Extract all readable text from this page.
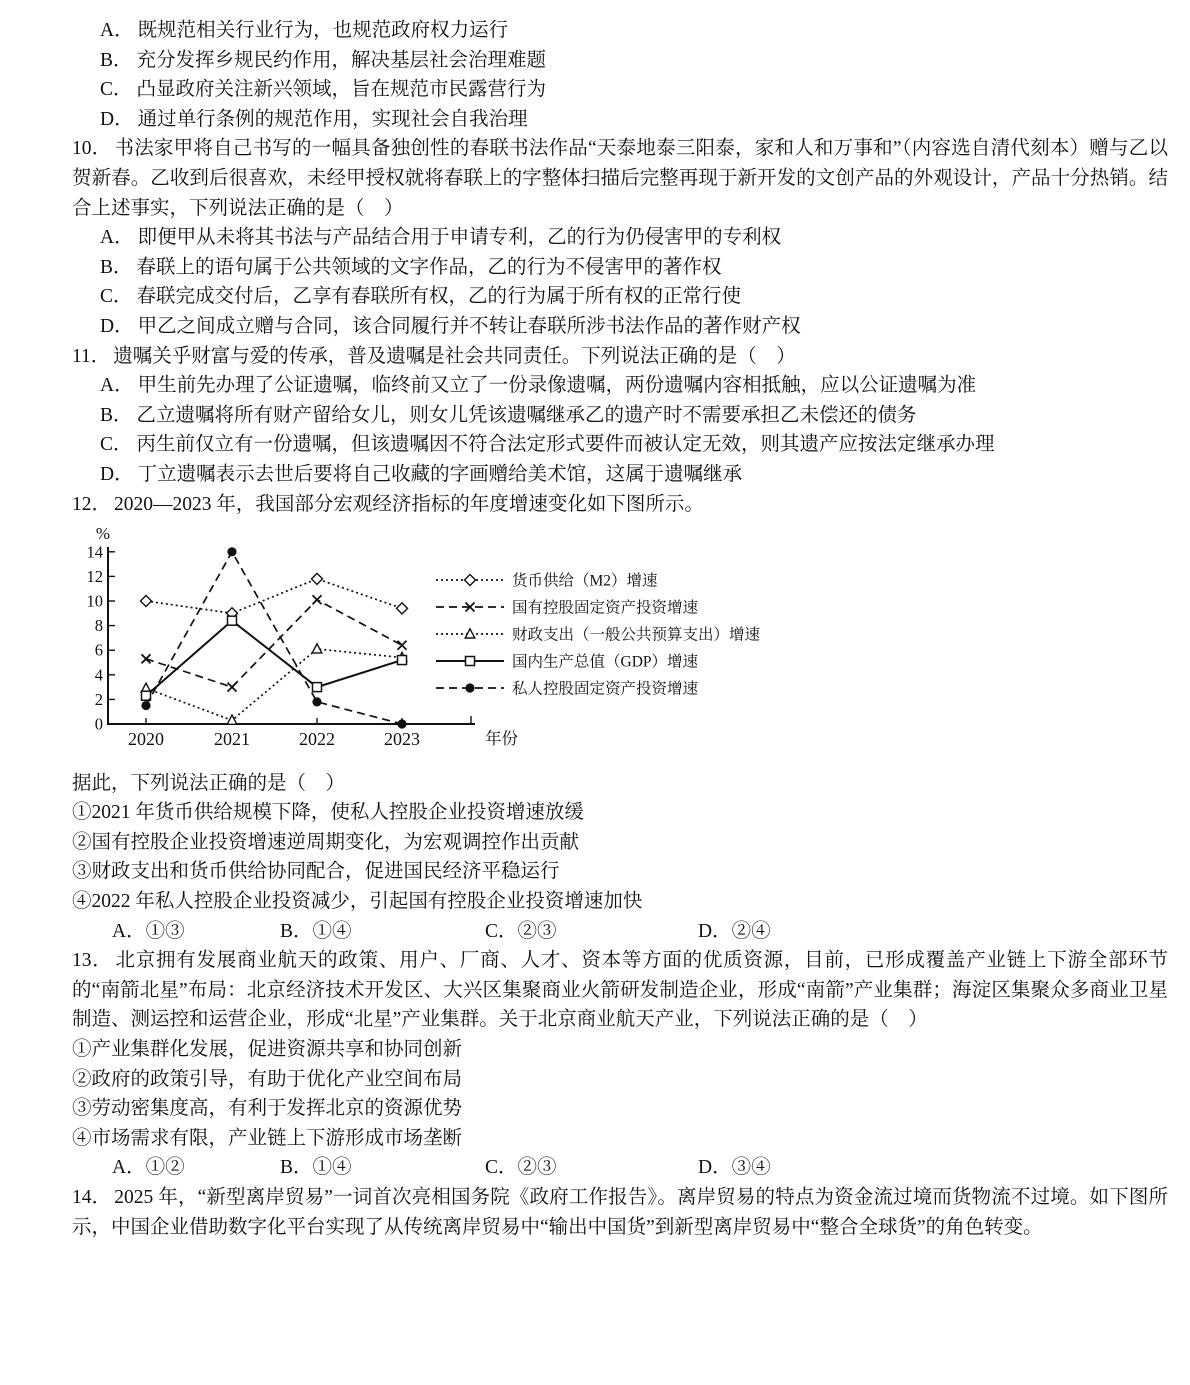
A． 既规范相关行业行为，也规范政府权力运行

B． 充分发挥乡规民约作用，解决基层社会治理难题

C． 凸显政府关注新兴领域，旨在规范市民露营行为

D． 通过单行条例的规范作用，实现社会自我治理

10． 书法家甲将自己书写的一幅具备独创性的春联书法作品“天泰地泰三阳泰，家和人和万事和”（内容选自清代刻本）赠与乙以贺新春。乙收到后很喜欢，未经甲授权就将春联上的字整体扫描后完整再现于新开发的文创产品的外观设计，产品十分热销。结合上述事实，下列说法正确的是（　）

A． 即便甲从未将其书法与产品结合用于申请专利，乙的行为仍侵害甲的专利权

B． 春联上的语句属于公共领域的文字作品，乙的行为不侵害甲的著作权

C． 春联完成交付后，乙享有春联所有权，乙的行为属于所有权的正常行使

D． 甲乙之间成立赠与合同，该合同履行并不转让春联所涉书法作品的著作财产权

11． 遗嘱关乎财富与爱的传承，普及遗嘱是社会共同责任。下列说法正确的是（　）

A． 甲生前先办理了公证遗嘱，临终前又立了一份录像遗嘱，两份遗嘱内容相抵触，应以公证遗嘱为准

B． 乙立遗嘱将所有财产留给女儿，则女儿凭该遗嘱继承乙的遗产时不需要承担乙未偿还的债务

C． 丙生前仅立有一份遗嘱，但该遗嘱因不符合法定形式要件而被认定无效，则其遗产应按法定继承办理

D． 丁立遗嘱表示去世后要将自己收藏的字画赠给美术馆，这属于遗嘱继承

12． 2020—2023 年，我国部分宏观经济指标的年度增速变化如下图所示。

0
2
4
6
8
10
12
14
%
2020	2021	2022	2023	年份
货币供给（M2）增速
国有控股固定资产投资增速
财政支出（一般公共预算支出）增速
国内生产总值（GDP）增速
私人控股固定资产投资增速

据此，下列说法正确的是（　）

①2021 年货币供给规模下降，使私人控股企业投资增速放缓

②国有控股企业投资增速逆周期变化，为宏观调控作出贡献

③财政支出和货币供给协同配合，促进国民经济平稳运行

④2022 年私人控股企业投资减少，引起国有控股企业投资增速加快

A．①③	B．①④	C．②③	D．②④

13． 北京拥有发展商业航天的政策、用户、厂商、人才、资本等方面的优质资源，目前，已形成覆盖产业链上下游全部环节的“南箭北星”布局：北京经济技术开发区、大兴区集聚商业火箭研发制造企业，形成“南箭”产业集群；海淀区集聚众多商业卫星制造、测运控和运营企业，形成“北星”产业集群。关于北京商业航天产业，下列说法正确的是（　）

①产业集群化发展，促进资源共享和协同创新

②政府的政策引导，有助于优化产业空间布局

③劳动密集度高，有利于发挥北京的资源优势

④市场需求有限，产业链上下游形成市场垄断

A．①②	B．①④	C．②③	D．③④

14． 2025 年，“新型离岸贸易”一词首次亮相国务院《政府工作报告》。离岸贸易的特点为资金流过境而货物流不过境。如下图所示，中国企业借助数字化平台实现了从传统离岸贸易中“输出中国货”到新型离岸贸易中“整合全球货”的角色转变。
